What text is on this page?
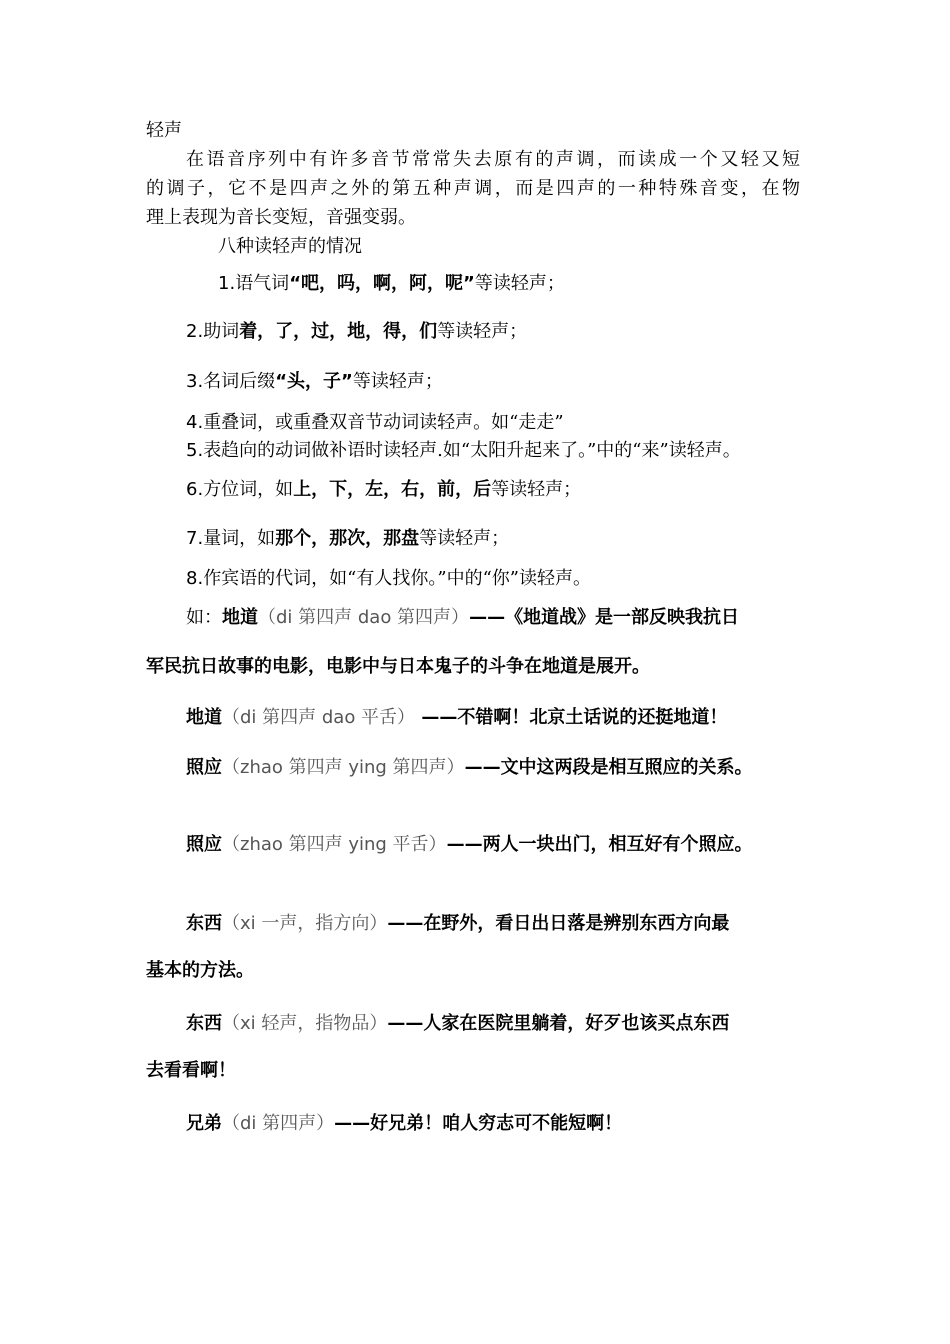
轻声
在语音序列中有许多音节常常失去原有的声调，而读成一个又轻又短
的调子，它不是四声之外的第五种声调，而是四声的一种特殊音变，在物
理上表现为音长变短，音强变弱。
八种读轻声的情况
1.语气词“吧，吗，啊，阿，呢”等读轻声；
2.助词着，了，过，地，得，们等读轻声；
3.名词后缀“头，子”等读轻声；
4.重叠词，或重叠双音节动词读轻声。如“走走”
5.表趋向的动词做补语时读轻声.如“太阳升起来了。”中的“来”读轻声。
6.方位词，如上，下，左，右，前，后等读轻声；
7.量词，如那个，那次，那盘等读轻声；
8.作宾语的代词，如“有人找你。”中的“你”读轻声。
如：地道（di 第四声 dao 第四声）——《地道战》是一部反映我抗日
军民抗日故事的电影，电影中与日本鬼子的斗争在地道是展开。
地道（di 第四声 dao 平舌） ——不错啊！北京土话说的还挺地道！
照应（zhao 第四声 ying 第四声）——文中这两段是相互照应的关系。
照应（zhao 第四声 ying 平舌）——两人一块出门，相互好有个照应。
东西（xi 一声，指方向）——在野外，看日出日落是辨别东西方向最
基本的方法。
东西（xi 轻声，指物品）——人家在医院里躺着，好歹也该买点东西
去看看啊！
兄弟（di 第四声）——好兄弟！咱人穷志可不能短啊！
